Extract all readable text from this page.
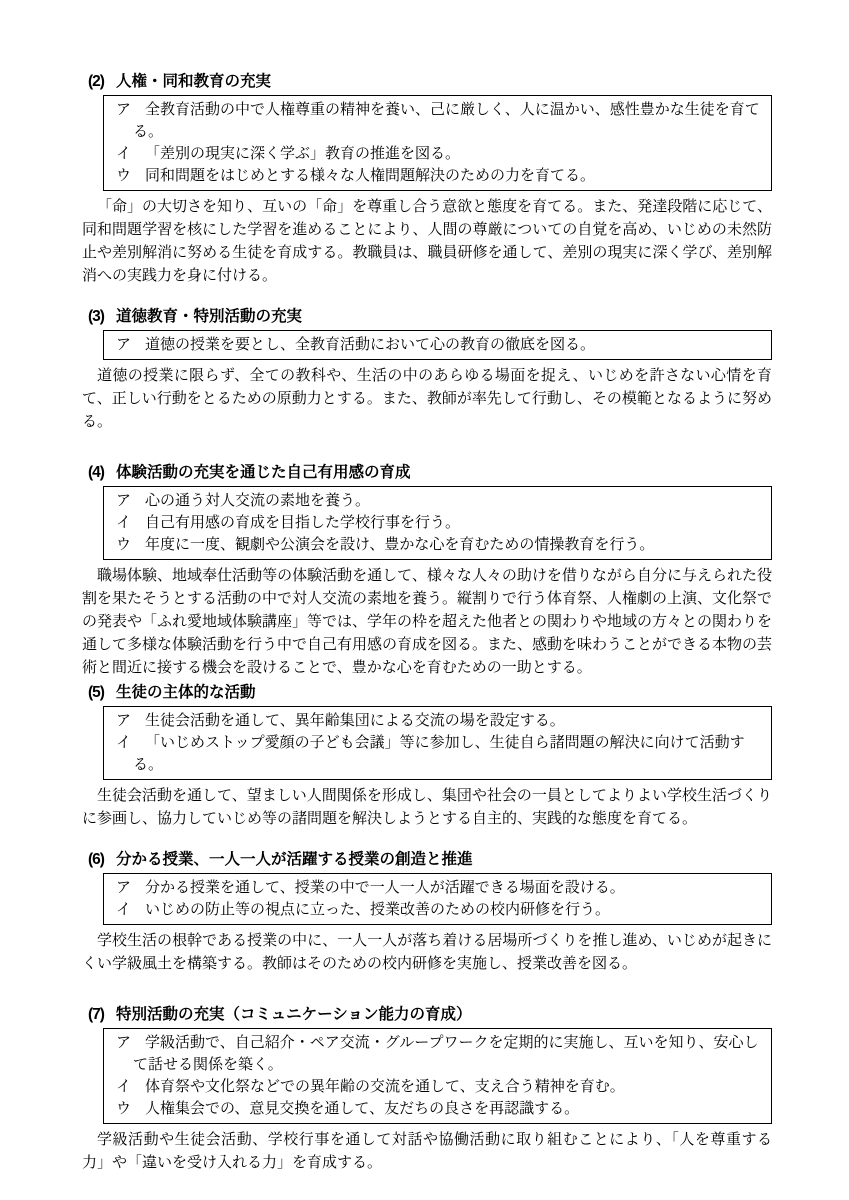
(2) 人権・同和教育の充実
ア 全教育活動の中で人権尊重の精神を養い、己に厳しく、人に温かい、感性豊かな生徒を育てる。
イ 「差別の現実に深く学ぶ」教育の推進を図る。
ウ 同和問題をはじめとする様々な人権問題解決のための力を育てる。

「命」の大切さを知り、互いの「命」を尊重し合う意欲と態度を育てる。また、発達段階に応じて、同和問題学習を核にした学習を進めることにより、人間の尊厳についての自覚を高め、いじめの未然防止や差別解消に努める生徒を育成する。教職員は、職員研修を通して、差別の現実に深く学び、差別解消への実践力を身に付ける。

(3) 道徳教育・特別活動の充実
ア 道徳の授業を要とし、全教育活動において心の教育の徹底を図る。

道徳の授業に限らず、全ての教科や、生活の中のあらゆる場面を捉え、いじめを許さない心情を育て、正しい行動をとるための原動力とする。また、教師が率先して行動し、その模範となるように努める。

(4) 体験活動の充実を通じた自己有用感の育成
ア 心の通う対人交流の素地を養う。
イ 自己有用感の育成を目指した学校行事を行う。
ウ 年度に一度、観劇や公演会を設け、豊かな心を育むための情操教育を行う。

職場体験、地域奉仕活動等の体験活動を通して、様々な人々の助けを借りながら自分に与えられた役割を果たそうとする活動の中で対人交流の素地を養う。縦割りで行う体育祭、人権劇の上演、文化祭での発表や「ふれ愛地域体験講座」等では、学年の枠を超えた他者との関わりや地域の方々との関わりを通して多様な体験活動を行う中で自己有用感の育成を図る。また、感動を味わうことができる本物の芸術と間近に接する機会を設けることで、豊かな心を育むための一助とする。

(5) 生徒の主体的な活動
ア 生徒会活動を通して、異年齢集団による交流の場を設定する。
イ 「いじめストップ愛顔の子ども会議」等に参加し、生徒自ら諸問題の解決に向けて活動する。

生徒会活動を通して、望ましい人間関係を形成し、集団や社会の一員としてよりよい学校生活づくりに参画し、協力していじめ等の諸問題を解決しようとする自主的、実践的な態度を育てる。

(6) 分かる授業、一人一人が活躍する授業の創造と推進
ア 分かる授業を通して、授業の中で一人一人が活躍できる場面を設ける。
イ いじめの防止等の視点に立った、授業改善のための校内研修を行う。

学校生活の根幹である授業の中に、一人一人が落ち着ける居場所づくりを推し進め、いじめが起きにくい学級風土を構築する。教師はそのための校内研修を実施し、授業改善を図る。

(7) 特別活動の充実（コミュニケーション能力の育成）
ア 学級活動で、自己紹介・ペア交流・グループワークを定期的に実施し、互いを知り、安心して話せる関係を築く。
イ 体育祭や文化祭などでの異年齢の交流を通して、支え合う精神を育む。
ウ 人権集会での、意見交換を通して、友だちの良さを再認識する。

学級活動や生徒会活動、学校行事を通して対話や協働活動に取り組むことにより、「人を尊重する力」や「違いを受け入れる力」を育成する。
